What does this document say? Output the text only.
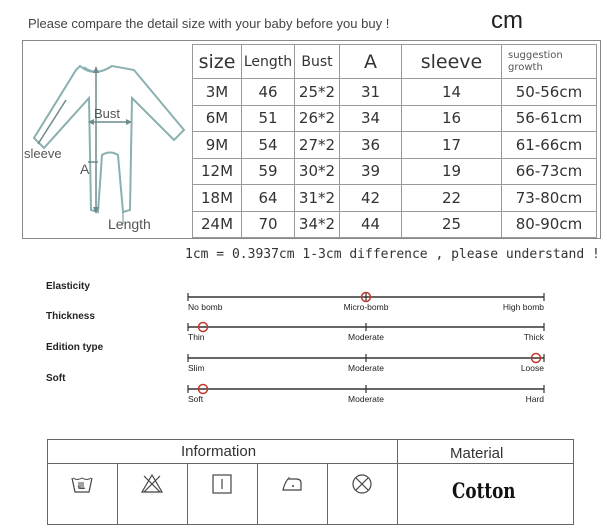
Please compare the detail size with your baby before you buy !	cm
Bust
sleeve
A
Length
size	Length	Bust	A	sleeve	suggestion growth
3M	46	25*2	31	14	50-56cm
6M	51	26*2	34	16	56-61cm
9M	54	27*2	36	17	61-66cm
12M	59	30*2	39	19	66-73cm
18M	64	31*2	42	22	73-80cm
24M	70	34*2	44	25	80-90cm
1cm = 0.3937cm 1-3cm difference , please understand !
Elasticity
No bomb	Micro-bomb	High bomb
Thickness
Thin	Moderate	Thick
Edition type
Slim	Moderate	Loose
Soft
Soft	Moderate	Hard
Information	Material
Cotton
